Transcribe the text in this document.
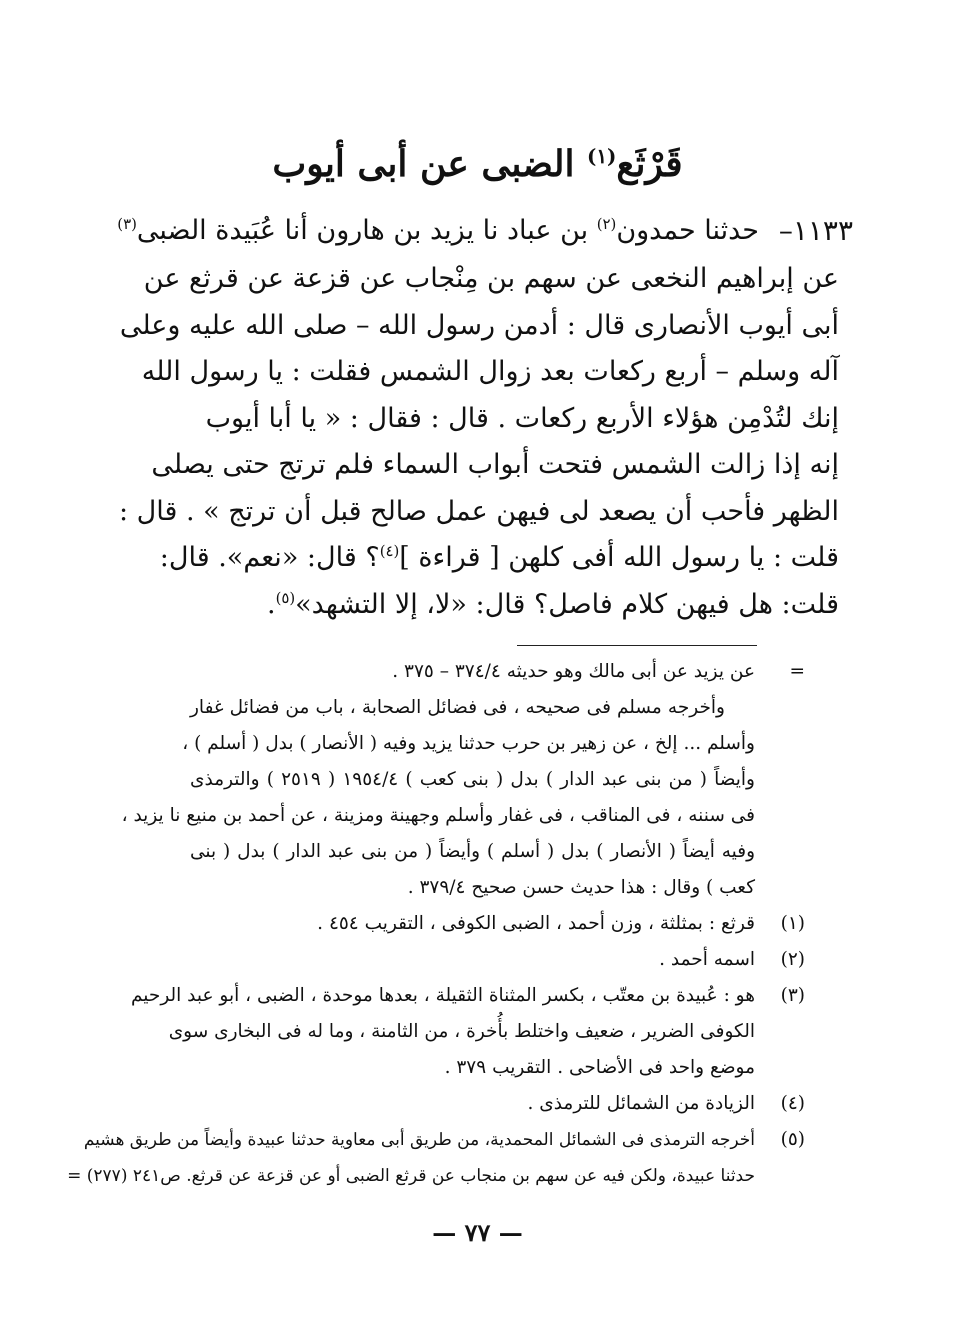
قَرْثَع$^{(١)}$ الضبى عن أبى أيوب
١١٣٣–
حدثنا حمدون$^{(٢)}$ بن عباد نا يزيد بن هارون أنا عُبَيدة الضبى$^{(٣)}$
عن إبراهيم النخعى عن سهم بن مِنْجاب عن قزعة عن قرثع عن
أبى أيوب الأنصارى قال : أدمن رسول الله – صلى الله عليه وعلى
آله وسلم – أربع ركعات بعد زوال الشمس فقلت : يا رسول الله
إنك لتُدْمِن هؤلاء الأربع ركعات . قال : فقال : « يا أبا أيوب
إنه إذا زالت الشمس فتحت أبواب السماء فلم ترتج حتى يصلى
الظهر فأحب أن يصعد لى فيهن عمل صالح قبل أن ترتج » . قال :
قلت : يا رسول الله أفى كلهن [ قراءة ]$^{(٤)}$؟ قال: «نعم». قال:
قلت: هل فيهن كلام فاصل؟ قال: «لا، إلا التشهد»$^{(٥)}$.
=
(١)
(٢)
(٣)
(٤)
(٥)
عن يزيد عن أبى مالك وهو حديثه ٣٧٤/٤ – ٣٧٥ .
وأخرجه مسلم فى صحيحه ، فى فضائل الصحابة ، باب من فضائل غفار
وأسلم ... إلخ ، عن زهير بن حرب حدثنا يزيد وفيه ( الأنصار ) بدل ( أسلم ) ،
وأيضاً ( من بنى عبد الدار ) بدل ( بنى كعب ) ١٩٥٤/٤ ( ٢٥١٩ ) والترمذى
فى سننه ، فى المناقب ، فى غفار وأسلم وجهينة ومزينة ، عن أحمد بن منيع نا يزيد ،
وفيه أيضاً ( الأنصار ) بدل ( أسلم ) وأيضاً ( من بنى عبد الدار ) بدل ( بنى
كعب ) وقال : هذا حديث حسن صحيح ٣٧٩/٤ .
قرثع : بمثلثة ، وزن أحمد ، الضبى الكوفى ، التقريب ٤٥٤ .
اسمه أحمد .
هو : عُبيدة بن معتّب ، بكسر المثناة الثقيلة ، بعدها موحدة ، الضبى ، أبو عبد الرحيم
الكوفى الضرير ، ضعيف واختلط بأُخرة ، من الثامنة ، وما له فى البخارى سوى
موضع واحد فى الأضاحى . التقريب ٣٧٩ .
الزيادة من الشمائل للترمذى .
أخرجه الترمذى فى الشمائل المحمدية، من طريق أبى معاوية حدثنا عبيدة وأيضاً من طريق هشيم
حدثنا عبيدة، ولكن فيه عن سهم بن منجاب عن قرثع الضبى أو عن قزعة عن قرثع. ص٢٤١ (٢٧٧) =
— ٧٧ —
